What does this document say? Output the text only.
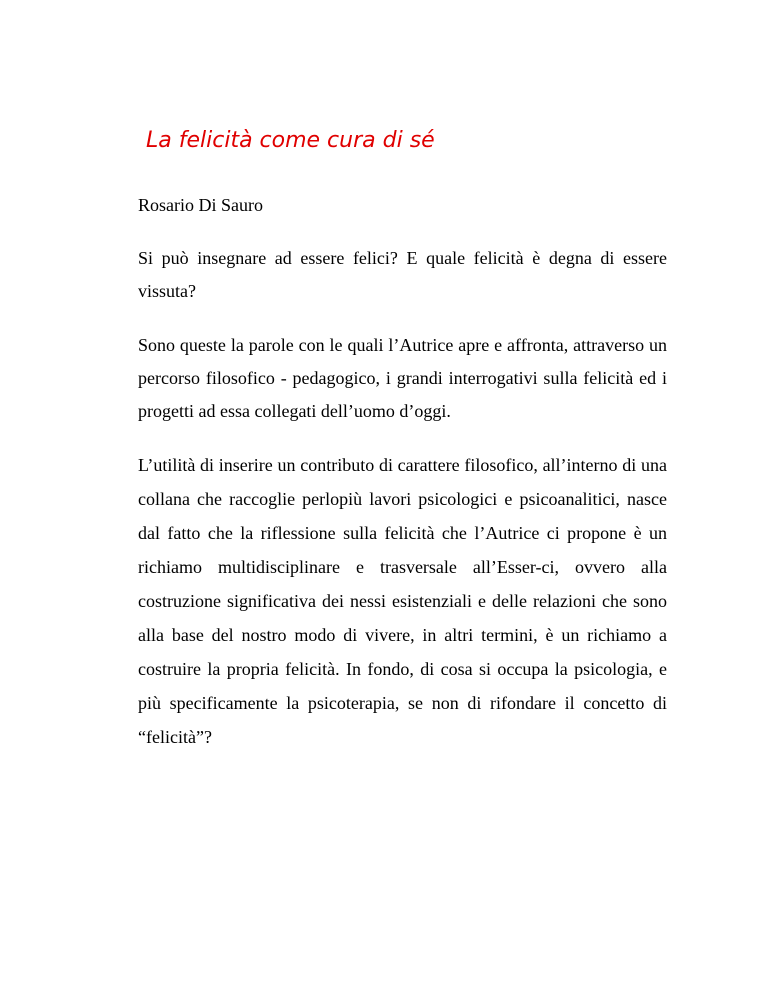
La felicità come cura di sé

Rosario Di Sauro

Si può insegnare ad essere felici? E quale felicità è degna di essere vissuta?

Sono queste la parole con le quali l’Autrice apre e affronta, attraverso un percorso filosofico - pedagogico, i grandi interrogativi sulla felicità ed i progetti ad essa collegati dell’uomo d’oggi.

L’utilità di inserire un contributo di carattere filosofico, all’interno di una collana che raccoglie perlopiù lavori psicologici e psicoanalitici, nasce dal fatto che la riflessione sulla felicità che l’Autrice ci propone è un richiamo multidisciplinare e trasversale all’Esser-ci, ovvero alla costruzione significativa dei nessi esistenziali e delle relazioni che sono alla base del nostro modo di vivere, in altri termini, è un richiamo a costruire la propria felicità. In fondo, di cosa si occupa la psicologia, e più specificamente la psicoterapia, se non di rifondare il concetto di “felicità”?
